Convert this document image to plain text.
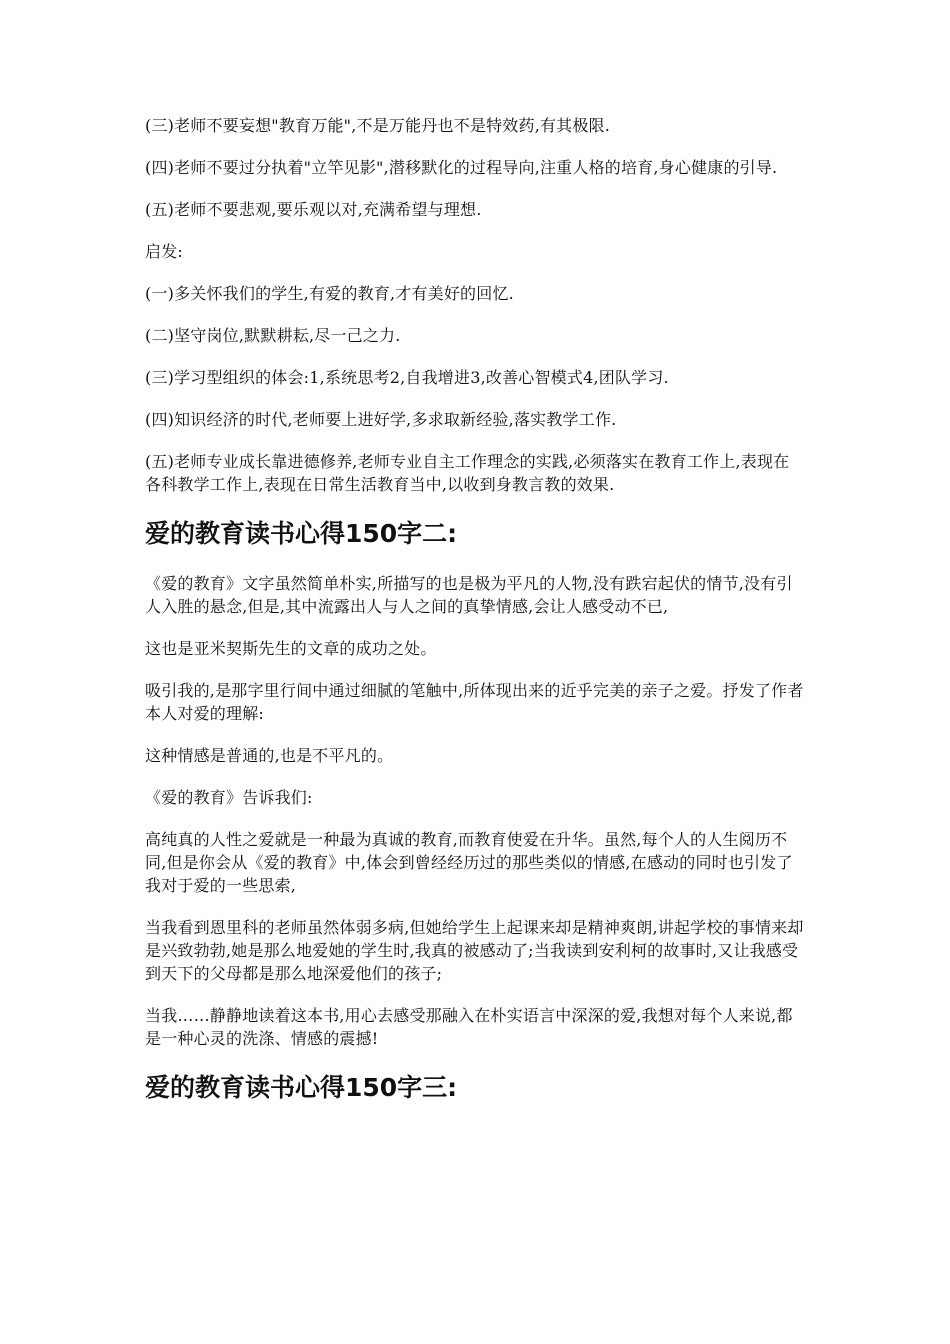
(三)老师不要妄想"教育万能",不是万能丹也不是特效药,有其极限.

(四)老师不要过分执着"立竿见影",潜移默化的过程导向,注重人格的培育,身心健康的引导.

(五)老师不要悲观,要乐观以对,充满希望与理想.

启发:

(一)多关怀我们的学生,有爱的教育,才有美好的回忆.

(二)坚守岗位,默默耕耘,尽一己之力.

(三)学习型组织的体会:1,系统思考2,自我增进3,改善心智模式4,团队学习.

(四)知识经济的时代,老师要上进好学,多求取新经验,落实教学工作.

(五)老师专业成长靠进德修养,老师专业自主工作理念的实践,必须落实在教育工作上,表现在各科教学工作上,表现在日常生活教育当中,以收到身教言教的效果.

爱的教育读书心得150字二:

《爱的教育》文字虽然简单朴实,所描写的也是极为平凡的人物,没有跌宕起伏的情节,没有引人入胜的悬念,但是,其中流露出人与人之间的真挚情感,会让人感受动不已,

这也是亚米契斯先生的文章的成功之处。

吸引我的,是那字里行间中通过细腻的笔触中,所体现出来的近乎完美的亲子之爱。抒发了作者本人对爱的理解:

这种情感是普通的,也是不平凡的。

《爱的教育》告诉我们:

高纯真的人性之爱就是一种最为真诚的教育,而教育使爱在升华。虽然,每个人的人生阅历不同,但是你会从《爱的教育》中,体会到曾经经历过的那些类似的情感,在感动的同时也引发了我对于爱的一些思索,

当我看到恩里科的老师虽然体弱多病,但她给学生上起课来却是精神爽朗,讲起学校的事情来却是兴致勃勃,她是那么地爱她的学生时,我真的被感动了;当我读到安利柯的故事时,又让我感受到天下的父母都是那么地深爱他们的孩子;

当我……静静地读着这本书,用心去感受那融入在朴实语言中深深的爱,我想对每个人来说,都是一种心灵的洗涤、情感的震撼!

爱的教育读书心得150字三:
